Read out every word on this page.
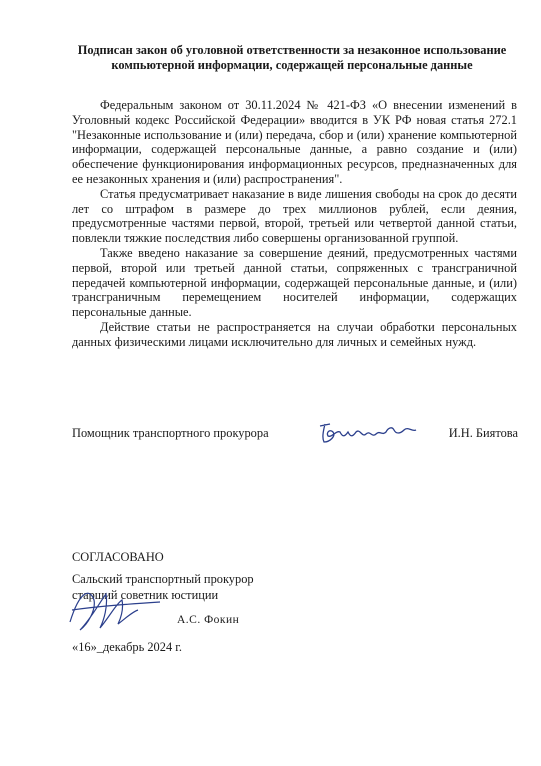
Подписан закон об уголовной ответственности за незаконное использование компьютерной информации, содержащей персональные данные

Федеральным законом от 30.11.2024 № 421-ФЗ «О внесении изменений в Уголовный кодекс Российской Федерации» вводится в УК РФ новая статья 272.1 "Незаконные использование и (или) передача, сбор и (или) хранение компьютерной информации, содержащей персональные данные, а равно создание и (или) обеспечение функционирования информационных ресурсов, предназначенных для ее незаконных хранения и (или) распространения".

Статья предусматривает наказание в виде лишения свободы на срок до десяти лет со штрафом в размере до трех миллионов рублей, если деяния, предусмотренные частями первой, второй, третьей или четвертой данной статьи, повлекли тяжкие последствия либо совершены организованной группой.

Также введено наказание за совершение деяний, предусмотренных частями первой, второй или третьей данной статьи, сопряженных с трансграничной передачей компьютерной информации, содержащей персональные данные, и (или) трансграничным перемещением носителей информации, содержащих персональные данные.

Действие статьи не распространяется на случаи обработки персональных данных физическими лицами исключительно для личных и семейных нужд.

Помощник транспортного прокурора	И.Н. Биятова
СОГЛАСОВАНО
Сальский транспортный прокурор
старший советник юстиции
А.С. Фокин
«16»_декабрь 2024 г.
